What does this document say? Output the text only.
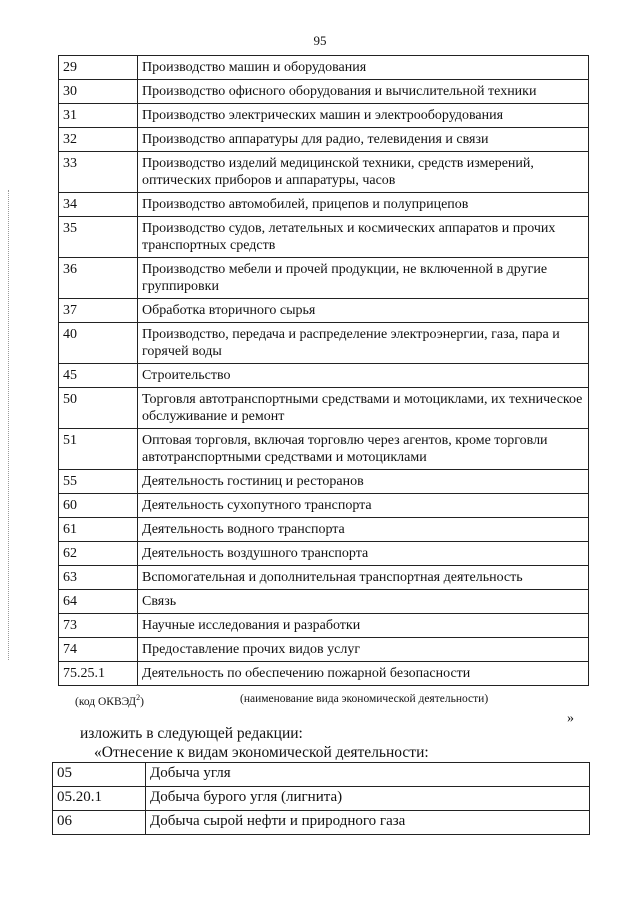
95
29	Производство машин и оборудования
30	Производство офисного оборудования и вычислительной техники
31	Производство электрических машин и электрооборудования
32	Производство аппаратуры для радио, телевидения и связи
33	Производство изделий медицинской техники, средств измерений, оптических приборов и аппаратуры, часов
34	Производство автомобилей, прицепов и полуприцепов
35	Производство судов, летательных и космических аппаратов и прочих транспортных средств
36	Производство мебели и прочей продукции, не включенной в другие группировки
37	Обработка вторичного сырья
40	Производство, передача и распределение электроэнергии, газа, пара и горячей воды
45	Строительство
50	Торговля автотранспортными средствами и мотоциклами, их техническое обслуживание и ремонт
51	Оптовая торговля, включая торговлю через агентов, кроме торговли автотранспортными средствами и мотоциклами
55	Деятельность гостиниц и ресторанов
60	Деятельность сухопутного транспорта
61	Деятельность водного транспорта
62	Деятельность воздушного транспорта
63	Вспомогательная и дополнительная транспортная деятельность
64	Связь
73	Научные исследования и разработки
74	Предоставление прочих видов услуг
75.25.1	Деятельность по обеспечению пожарной безопасности
(код ОКВЭД$^2$)	(наименование вида экономической деятельности)
»
изложить в следующей редакции:
«Отнесение к видам экономической деятельности:
05	Добыча угля
05.20.1	Добыча бурого угля (лигнита)
06	Добыча сырой нефти и природного газа
